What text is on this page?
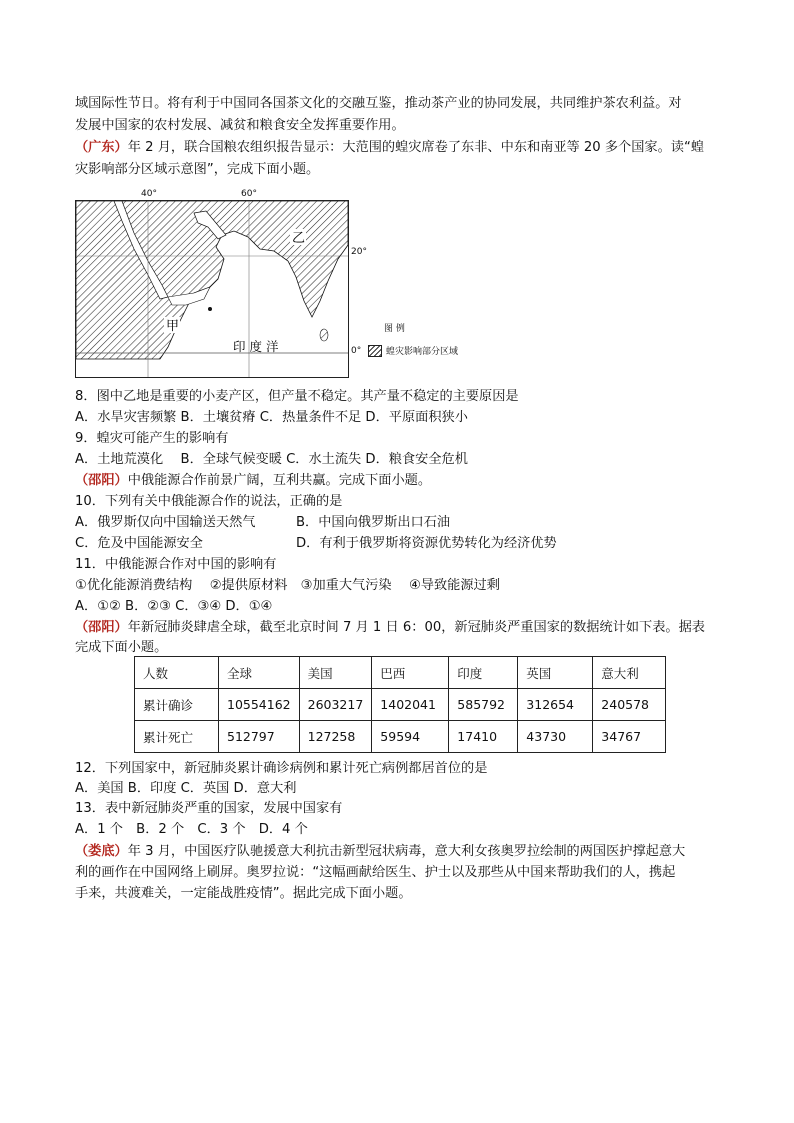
域国际性节日。将有利于中国同各国茶文化的交融互鉴，推动茶产业的协同发展，共同维护茶农利益。对
发展中国家的农村发展、减贫和粮食安全发挥重要作用。
（广东）年 2 月，联合国粮农组织报告显示：大范围的蝗灾席卷了东非、中东和南亚等 20 多个国家。读“蝗
灾影响部分区域示意图”，完成下面小题。
40°	60°
20°
0°
甲
乙
印 度 洋
图 例
蝗灾影响部分区域
8．图中乙地是重要的小麦产区，但产量不稳定。其产量不稳定的主要原因是
A．水旱灾害频繁 B．土壤贫瘠 C．热量条件不足 D．平原面积狭小
9．蝗灾可能产生的影响有
A．土地荒漠化　 B．全球气候变暖 C．水土流失 D．粮食安全危机
（邵阳）中俄能源合作前景广阔，互利共赢。完成下面小题。
10．下列有关中俄能源合作的说法，正确的是
A．俄罗斯仅向中国输送天然气	B．中国向俄罗斯出口石油
C．危及中国能源安全	D．有利于俄罗斯将资源优势转化为经济优势
11．中俄能源合作对中国的影响有
①优化能源消费结构　 ②提供原材料　③加重大气污染　 ④导致能源过剩
A．①② B．②③ C．③④ D．①④
（邵阳）年新冠肺炎肆虐全球，截至北京时间 7 月 1 日 6：00，新冠肺炎严重国家的数据统计如下表。据表
完成下面小题。
人数	全球	美国	巴西	印度	英国	意大利
累计确诊	10554162	2603217	1402041	585792	312654	240578
累计死亡	512797	127258	59594	17410	43730	34767
12．下列国家中，新冠肺炎累计确诊病例和累计死亡病例都居首位的是
A．美国 B．印度 C．英国 D．意大利
13．表中新冠肺炎严重的国家，发展中国家有
A．1 个　B．2 个　C．3 个　D．4 个
（娄底）年 3 月，中国医疗队驰援意大利抗击新型冠状病毒，意大利女孩奥罗拉绘制的两国医护撑起意大
利的画作在中国网络上刷屏。奥罗拉说：“这幅画献给医生、护士以及那些从中国来帮助我们的人，携起
手来，共渡难关，一定能战胜疫情”。据此完成下面小题。
